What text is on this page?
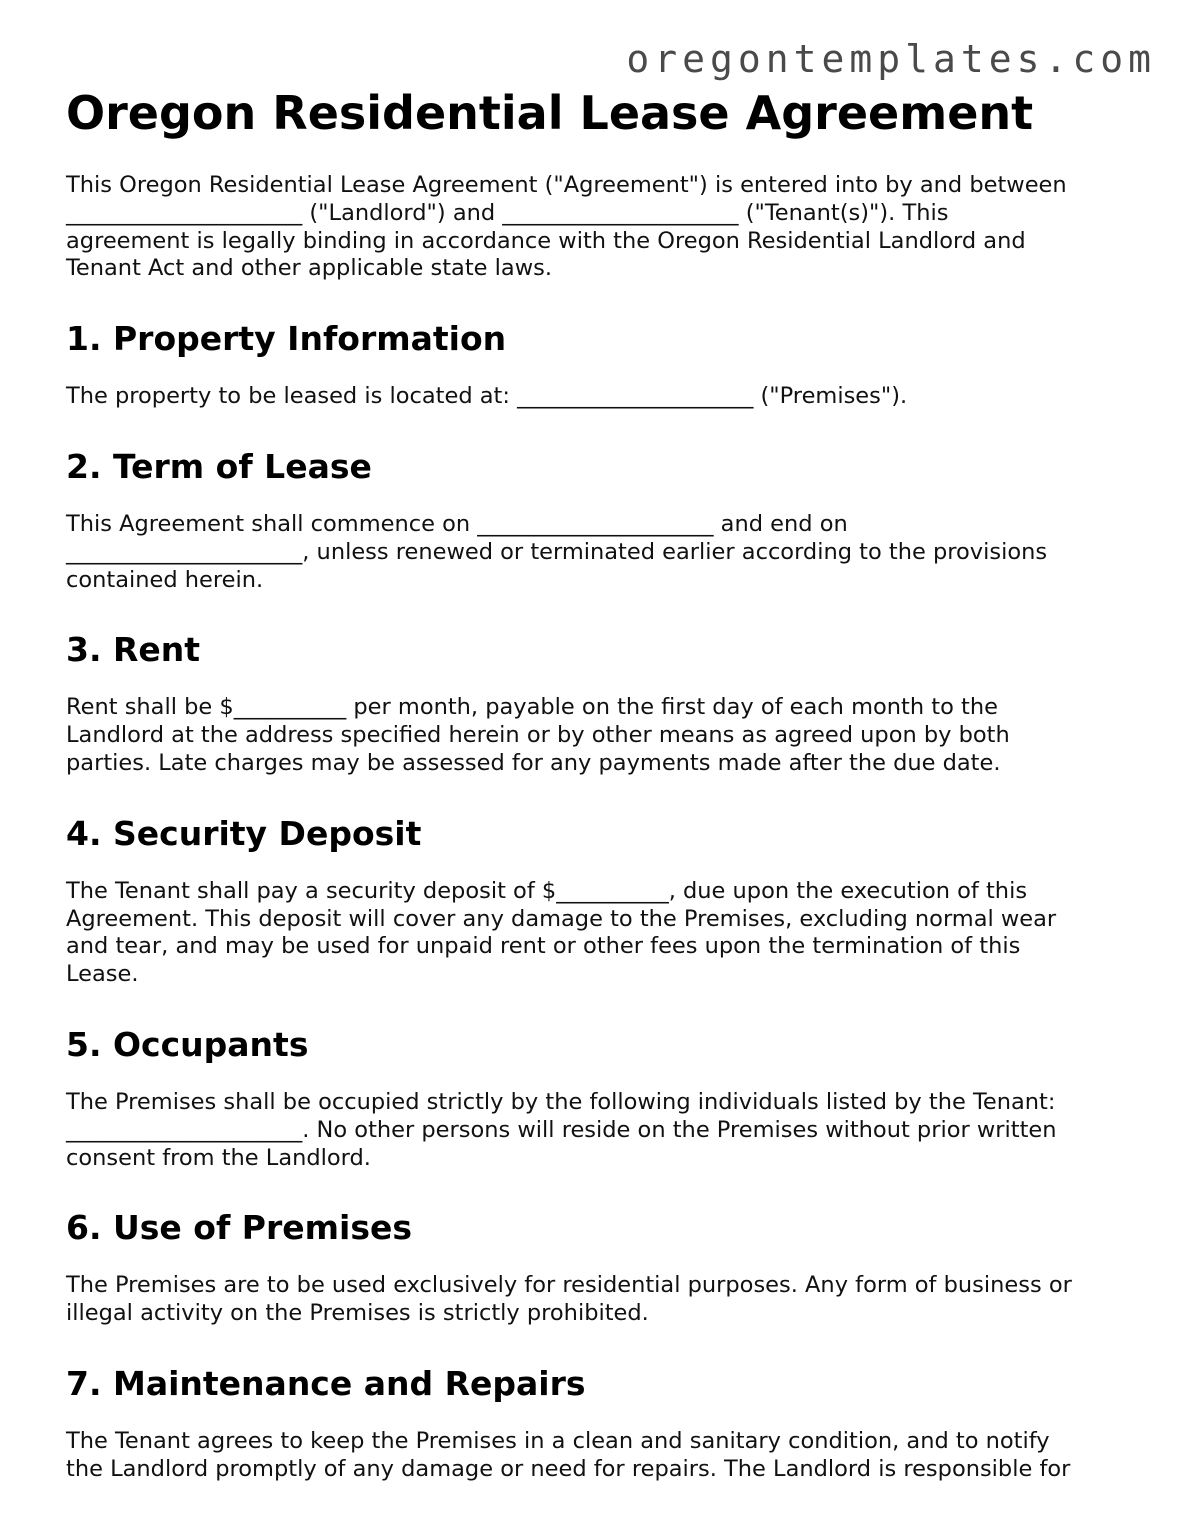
oregontemplates.com
Oregon Residential Lease Agreement

This Oregon Residential Lease Agreement ("Agreement") is entered into by and between
_____________________ ("Landlord") and _____________________ ("Tenant(s)"). This
agreement is legally binding in accordance with the Oregon Residential Landlord and
Tenant Act and other applicable state laws.

1. Property Information

The property to be leased is located at: _____________________ ("Premises").

2. Term of Lease

This Agreement shall commence on _____________________ and end on
_____________________, unless renewed or terminated earlier according to the provisions
contained herein.

3. Rent

Rent shall be $__________ per month, payable on the first day of each month to the
Landlord at the address specified herein or by other means as agreed upon by both
parties. Late charges may be assessed for any payments made after the due date.

4. Security Deposit

The Tenant shall pay a security deposit of $__________, due upon the execution of this
Agreement. This deposit will cover any damage to the Premises, excluding normal wear
and tear, and may be used for unpaid rent or other fees upon the termination of this
Lease.

5. Occupants

The Premises shall be occupied strictly by the following individuals listed by the Tenant:
_____________________. No other persons will reside on the Premises without prior written
consent from the Landlord.

6. Use of Premises

The Premises are to be used exclusively for residential purposes. Any form of business or
illegal activity on the Premises is strictly prohibited.

7. Maintenance and Repairs

The Tenant agrees to keep the Premises in a clean and sanitary condition, and to notify
the Landlord promptly of any damage or need for repairs. The Landlord is responsible for
